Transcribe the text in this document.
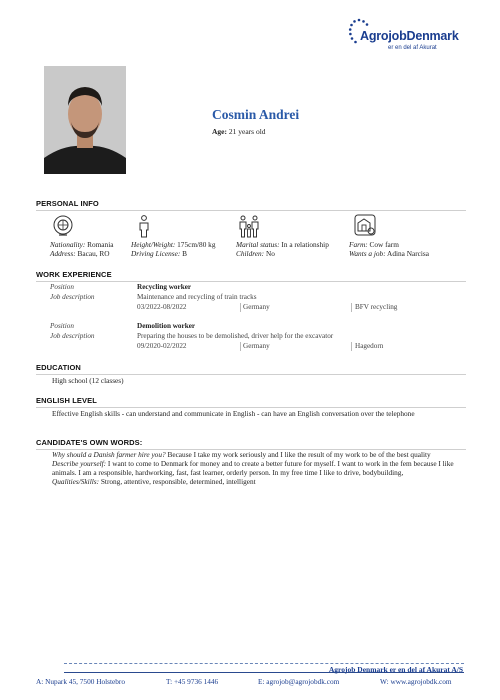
AgrojobDenmark
er en del af Akurat
Cosmin Andrei
Age: 21 years old
PERSONAL INFO
Nationality: Romania
Address: Bacau, RO
Height/Weight: 175cm/80 kg
Driving License: B
Marital status: In a relationship
Children: No
Farm: Cow farm
Wants a job: Adina Narcisa
WORK EXPERIENCE
Position	Recycling worker
Job description	Maintenance and recycling of train tracks
03/2022-08/2022	Germany	BFV recycling
Position	Demolition worker
Job description	Preparing the houses to be demolished, driver help for the excavator
09/2020-02/2022	Germany	Hagedorn
EDUCATION
High school (12 classes)
ENGLISH LEVEL
Effective English skills - can understand and communicate in English - can have an English conversation over the telephone
CANDIDATE'S OWN WORDS:
Why should a Danish farmer hire you? Because I take my work seriously and I like the result of my work to be of the best quality
Describe yourself: I want to come to Denmark for money and to create a better future for myself. I want to work in the fem because I like animals. I am a responsible, hardworking, fast, fast learner, orderly person. In my free time I like to drive, bodybuilding,
Qualities/Skills: Strong, attentive, responsible, determined, intelligent
Agrojob Denmark er en del af Akurat A/S
A: Nupark 45, 7500 Holstebro	T: +45 9736 1446	E: agrojob@agrojobdk.com	W: www.agrojobdk.com
